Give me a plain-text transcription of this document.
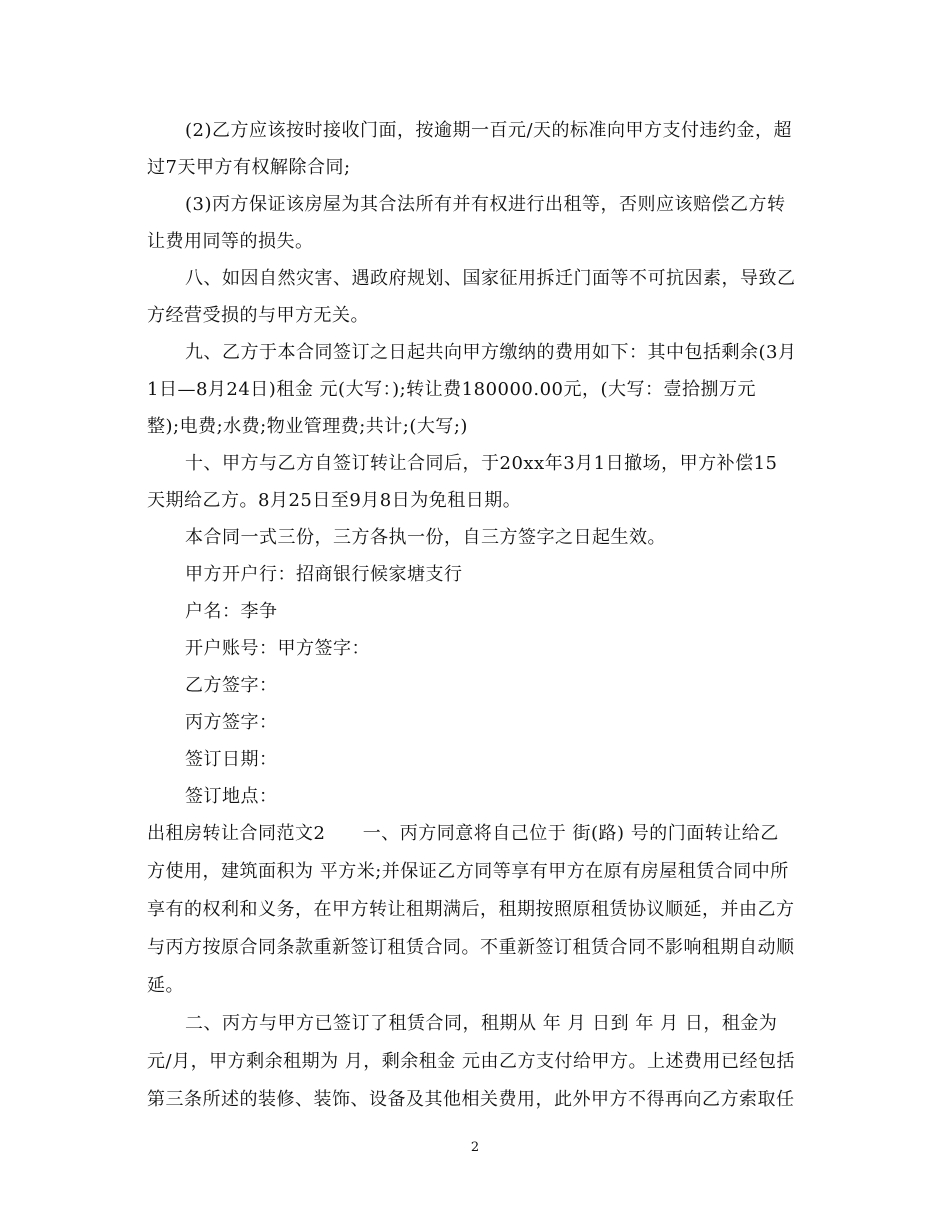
(2)乙方应该按时接收门面，按逾期一百元/天的标准向甲方支付违约金，超
过7天甲方有权解除合同;
(3)丙方保证该房屋为其合法所有并有权进行出租等，否则应该赔偿乙方转
让费用同等的损失。
八、如因自然灾害、遇政府规划、国家征用拆迁门面等不可抗因素，导致乙
方经营受损的与甲方无关。
九、乙方于本合同签订之日起共向甲方缴纳的费用如下：其中包括剩余(3月
1日—8月24日)租金 元(大写：);转让费180000.00元，(大写：壹拾捌万元
整);电费;水费;物业管理费;共计;(大写;)
十、甲方与乙方自签订转让合同后，于20xx年3月1日撤场，甲方补偿15
天期给乙方。8月25日至9月8日为免租日期。
本合同一式三份，三方各执一份，自三方签字之日起生效。
甲方开户行：招商银行候家塘支行
户名：李争
开户账号：甲方签字：
乙方签字：
丙方签字：
签订日期：
签订地点：
出租房转让合同范文2      一、丙方同意将自己位于 街(路) 号的门面转让给乙
方使用，建筑面积为 平方米;并保证乙方同等享有甲方在原有房屋租赁合同中所
享有的权利和义务，在甲方转让租期满后，租期按照原租赁协议顺延，并由乙方
与丙方按原合同条款重新签订租赁合同。不重新签订租赁合同不影响租期自动顺
延。
二、丙方与甲方已签订了租赁合同，租期从 年 月 日到 年 月 日，租金为
元/月，甲方剩余租期为 月，剩余租金 元由乙方支付给甲方。上述费用已经包括
第三条所述的装修、装饰、设备及其他相关费用，此外甲方不得再向乙方索取任
2
